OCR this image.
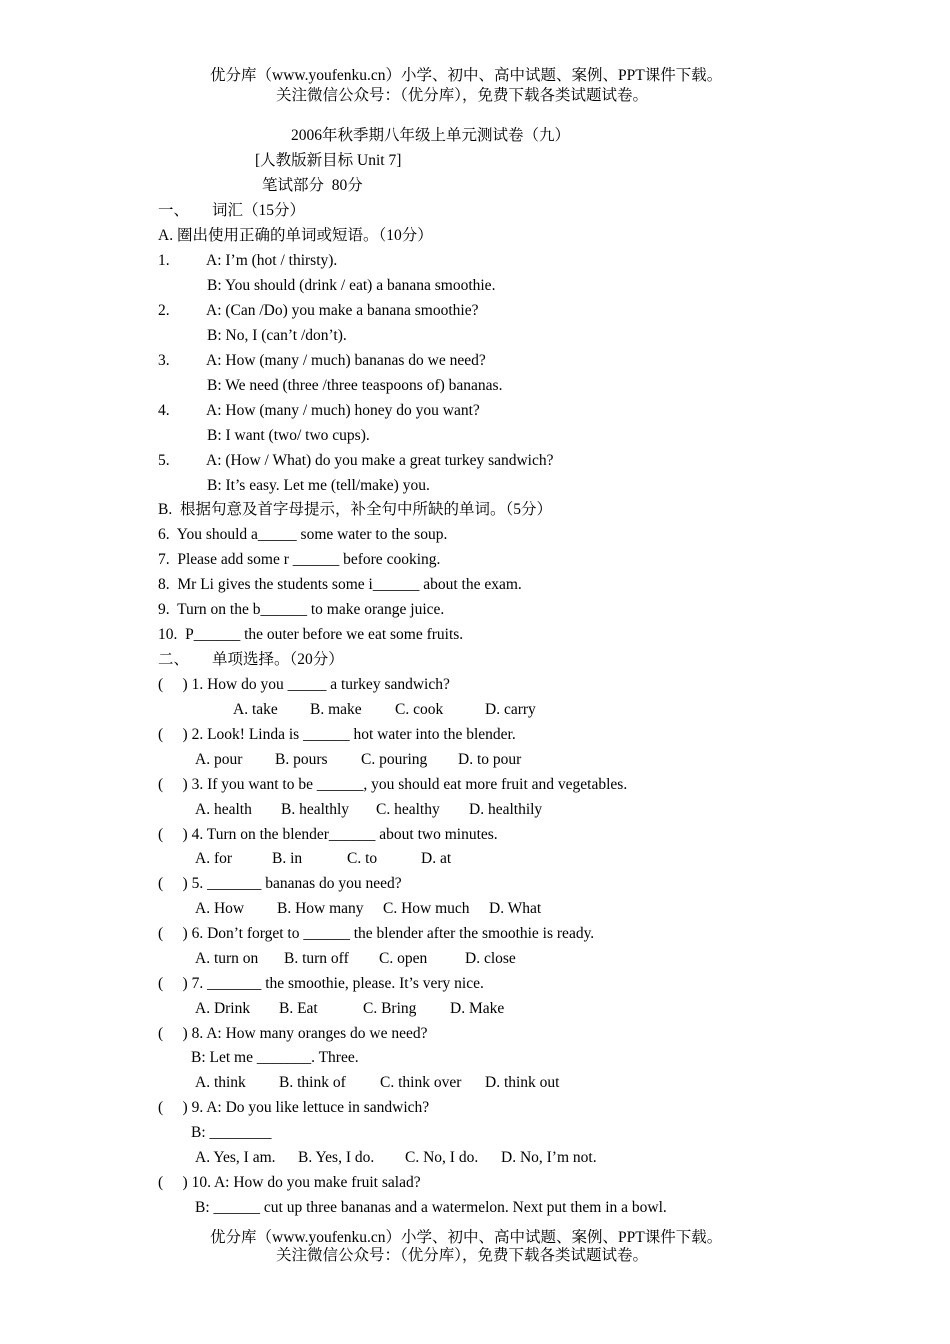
优分库（www.youfenku.cn）小学、初中、高中试题、案例、PPT课件下载。
关注微信公众号：（优分库），免费下载各类试题试卷。
2006年秋季期八年级上单元测试卷（九）
[人教版新目标 Unit 7]
笔试部分  80分
一、 词汇（15分）
A. 圈出使用正确的单词或短语。（10分）
1. A: I’m (hot / thirsty).
B: You should (drink / eat) a banana smoothie.
2. A: (Can /Do) you make a banana smoothie?
B: No, I (can’t /don’t).
3. A: How (many / much) bananas do we need?
B: We need (three /three teaspoons of) bananas.
4. A: How (many / much) honey do you want?
B: I want (two/ two cups).
5. A: (How / What) do you make a great turkey sandwich?
B: It’s easy. Let me (tell/make) you.
B.  根据句意及首字母提示，补全句中所缺的单词。（5分）
6.  You should a_____ some water to the soup.
7.  Please add some r ______ before cooking.
8.  Mr Li gives the students some i______ about the exam.
9.  Turn on the b______ to make orange juice.
10.  P______ the outer before we eat some fruits.
二、 单项选择。（20分）
(     ) 1. How do you _____ a turkey sandwich?
A. take B. make C. cook	D. carry
(     ) 2. Look! Linda is ______ hot water into the blender.
A. pour B. pours C. pouring D. to pour
(     ) 3. If you want to be ______, you should eat more fruit and vegetables.
A. health B. healthly C. healthy D. healthily
(     ) 4. Turn on the blender______ about two minutes.
A. for	B. in	C. to	D. at
(     ) 5. _______ bananas do you need?
A. How B. How many C. How much D. What
(     ) 6. Don’t forget to ______ the blender after the smoothie is ready.
A. turn on B. turn off C. open D. close
(     ) 7. _______ the smoothie, please. It’s very nice.
A. Drink B. Eat	C. Bring D. Make
(     ) 8. A: How many oranges do we need?
B: Let me _______. Three.
A. think B. think of C. think over D. think out
(     ) 9. A: Do you like lettuce in sandwich?
B: ________
A. Yes, I am. B. Yes, I do. C. No, I do. D. No, I’m not.
(     ) 10. A: How do you make fruit salad?
B: ______ cut up three bananas and a watermelon. Next put them in a bowl.
优分库（www.youfenku.cn）小学、初中、高中试题、案例、PPT课件下载。
关注微信公众号：（优分库），免费下载各类试题试卷。
